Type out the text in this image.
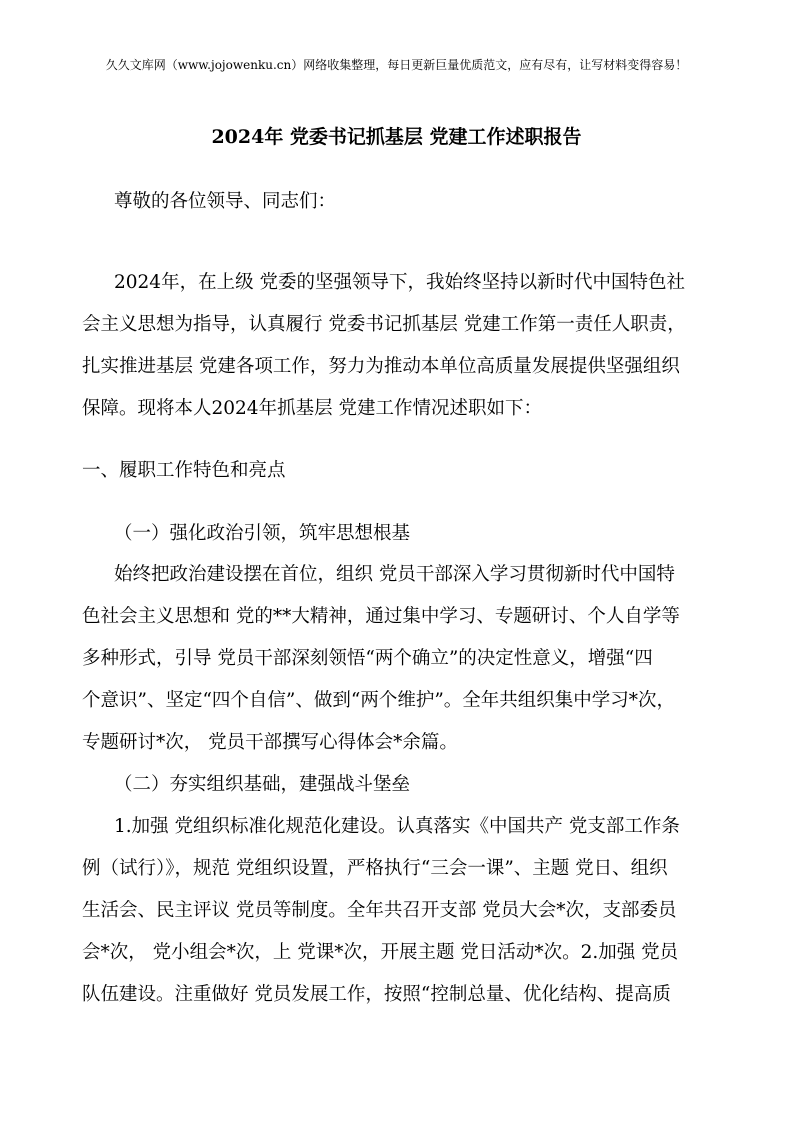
久久文库网（www.jojowenku.cn）网络收集整理，每日更新巨量优质范文，应有尽有，让写材料变得容易！
2024年 党委书记抓基层 党建工作述职报告
尊敬的各位领导、同志们：
2024年，在上级 党委的坚强领导下，我始终坚持以新时代中国特色社
会主义思想为指导，认真履行 党委书记抓基层 党建工作第一责任人职责，
扎实推进基层 党建各项工作，努力为推动本单位高质量发展提供坚强组织
保障。现将本人2024年抓基层 党建工作情况述职如下：
一、履职工作特色和亮点
（一）强化政治引领，筑牢思想根基
始终把政治建设摆在首位，组织 党员干部深入学习贯彻新时代中国特
色社会主义思想和 党的**大精神，通过集中学习、专题研讨、个人自学等
多种形式，引导 党员干部深刻领悟“两个确立”的决定性意义，增强“四
个意识”、坚定“四个自信”、做到“两个维护”。全年共组织集中学习*次，
专题研讨*次， 党员干部撰写心得体会*余篇。
（二）夯实组织基础，建强战斗堡垒
1.加强 党组织标准化规范化建设。认真落实《中国共产 党支部工作条
例（试行）》，规范 党组织设置，严格执行“三会一课”、主题 党日、组织
生活会、民主评议 党员等制度。全年共召开支部 党员大会*次，支部委员
会*次， 党小组会*次，上 党课*次，开展主题 党日活动*次。2.加强 党员
队伍建设。注重做好 党员发展工作，按照“控制总量、优化结构、提高质
